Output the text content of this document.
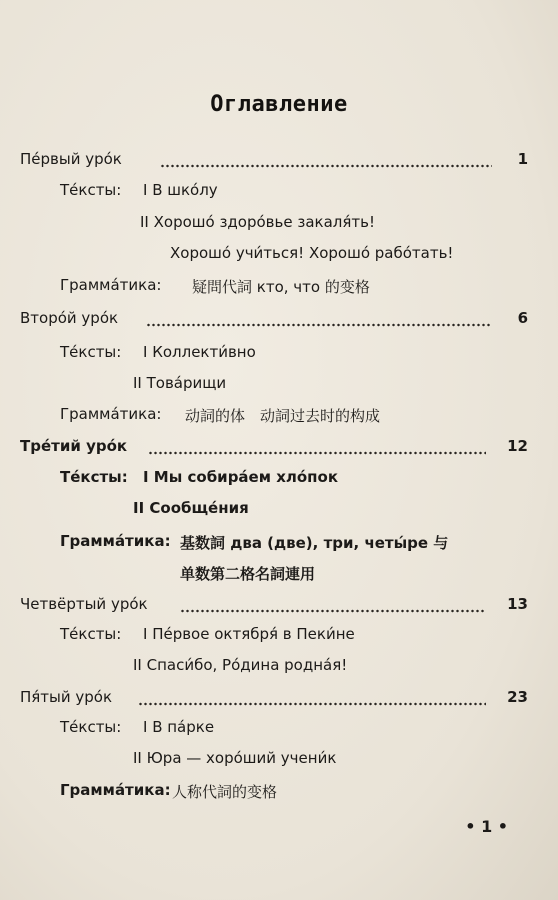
Оглавление
Пе́рвый уро́к	1
Те́ксты: I В шко́лу
II Хорошо́ здоро́вье закаля́ть!
Хорошо́ учи́ться! Хорошо́ рабо́тать!
Грамма́тика: 疑問代詞 кто, что 的变格
Второ́й уро́к	6
Те́ксты: I Коллекти́вно
II Това́рищи
Грамма́тика: 动詞的体　动詞过去时的构成
Тре́тий уро́к	12
Те́ксты: I Мы собира́ем хло́пок
II Сообще́ния
Грамма́тика: 基数詞 два (две), три, четы́ре 与
单数第二格名詞連用
Четвёртый уро́к	13
Те́ксты: I Пе́рвое октября́ в Пеки́не
II Спаси́бо, Ро́дина родна́я!
Пя́тый уро́к	23
Те́ксты: I В па́рке
II Юра — хоро́ший учени́к
Грамма́тика: 人称代詞的变格
• 1 •
